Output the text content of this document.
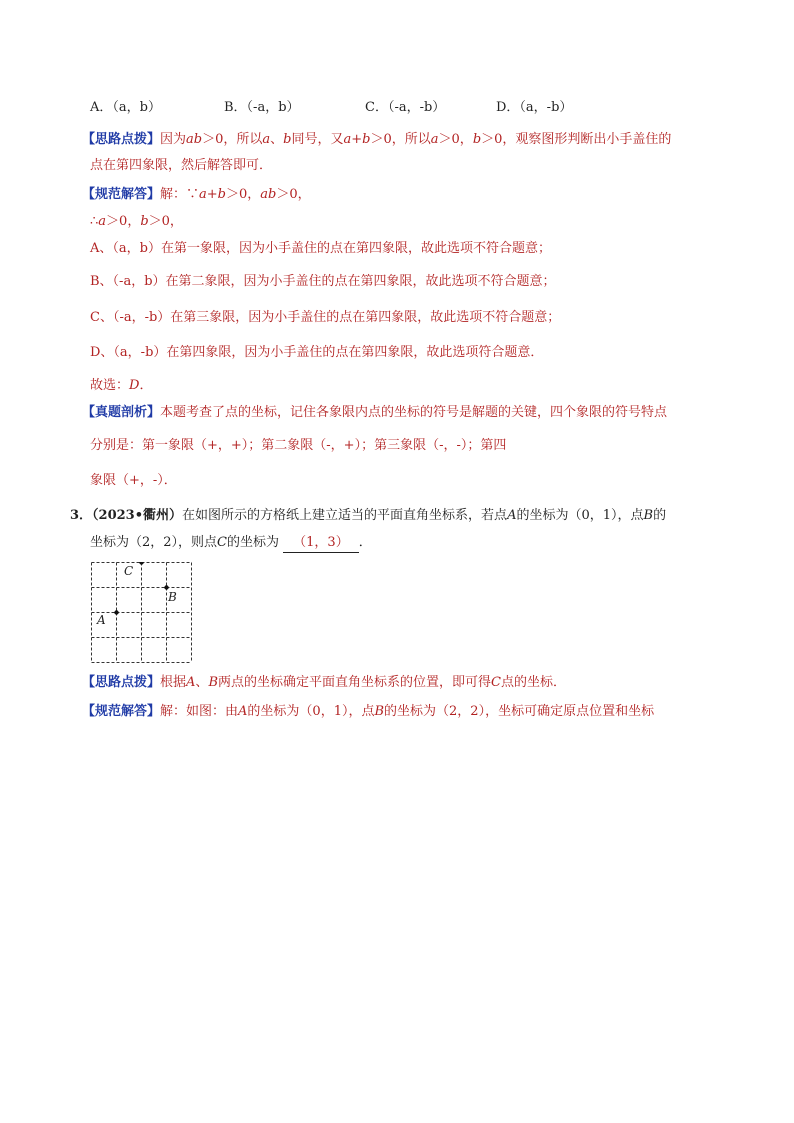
A．（a，b）	B．（-a，b）	C．（-a，-b）	D．（a，-b）
【思路点拨】因为ab＞0，所以a、b同号，又a+b＞0，所以a＞0，b＞0，观察图形判断出小手盖住的
点在第四象限，然后解答即可．
【规范解答】解：∵a+b＞0，ab＞0，
∴a＞0，b＞0，
A、（a，b）在第一象限，因为小手盖住的点在第四象限，故此选项不符合题意；
B、（-a，b）在第二象限，因为小手盖住的点在第四象限，故此选项不符合题意；
C、（-a，-b）在第三象限，因为小手盖住的点在第四象限，故此选项不符合题意；
D、（a，-b）在第四象限，因为小手盖住的点在第四象限，故此选项符合题意．
故选：D．
【真题剖析】本题考查了点的坐标，记住各象限内点的坐标的符号是解题的关键，四个象限的符号特点
分别是：第一象限（+，+）；第二象限（-，+）；第三象限（-，-）；第四
象限（+，-）．
3．（2023•衢州）在如图所示的方格纸上建立适当的平面直角坐标系，若点A的坐标为（0，1），点B的
坐标为（2，2），则点C的坐标为 （1，3） ．
A
B
C
【思路点拨】根据A、B两点的坐标确定平面直角坐标系的位置，即可得C点的坐标．
【规范解答】解：如图：由A的坐标为（0，1），点B的坐标为（2，2），坐标可确定原点位置和坐标
